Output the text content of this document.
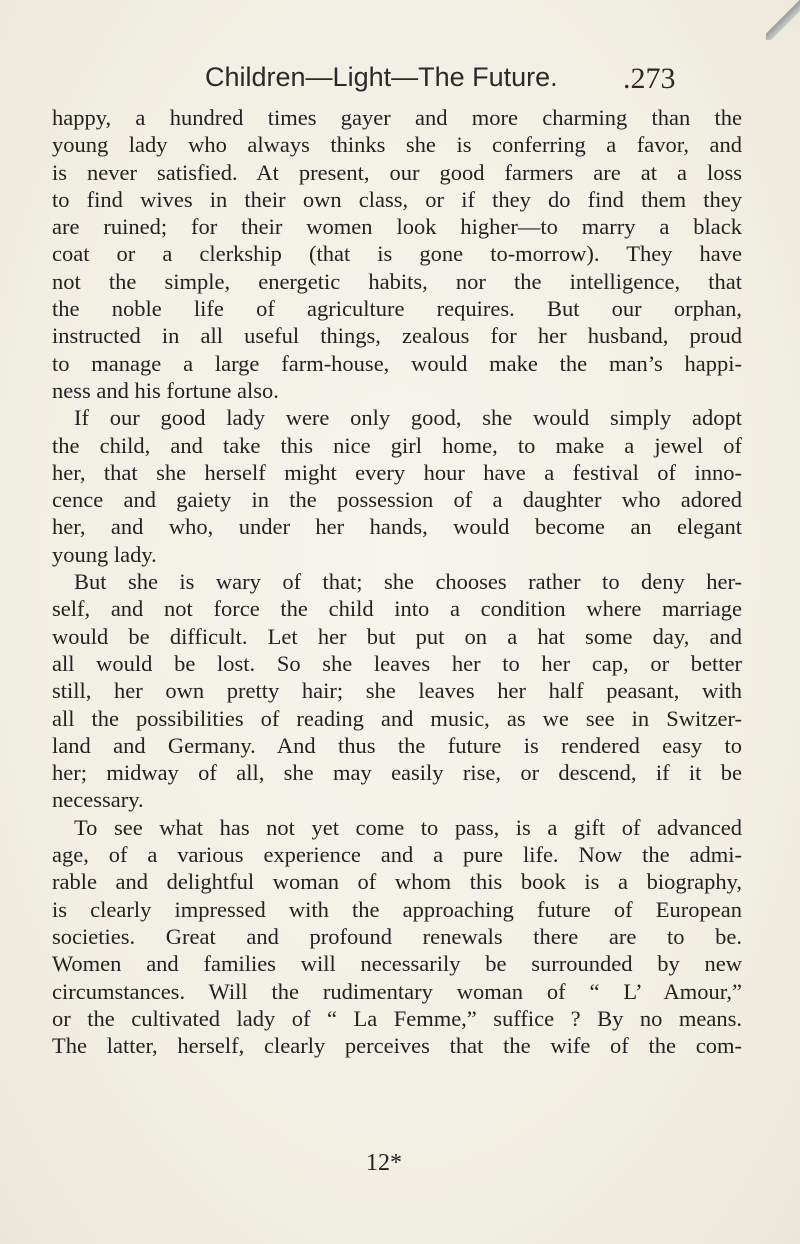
Children—Light—The Future. .273
happy, a hundred times gayer and more charming than the
young lady who always thinks she is conferring a favor, and
is never satisfied. At present, our good farmers are at a loss
to find wives in their own class, or if they do find them they
are ruined; for their women look higher—to marry a black
coat or a clerkship (that is gone to-morrow). They have
not the simple, energetic habits, nor the intelligence, that
the noble life of agriculture requires. But our orphan,
instructed in all useful things, zealous for her husband, proud
to manage a large farm-house, would make the man’s happi-
ness and his fortune also.
If our good lady were only good, she would simply adopt
the child, and take this nice girl home, to make a jewel of
her, that she herself might every hour have a festival of inno-
cence and gaiety in the possession of a daughter who adored
her, and who, under her hands, would become an elegant
young lady.
But she is wary of that; she chooses rather to deny her-
self, and not force the child into a condition where marriage
would be difficult. Let her but put on a hat some day, and
all would be lost. So she leaves her to her cap, or better
still, her own pretty hair; she leaves her half peasant, with
all the possibilities of reading and music, as we see in Switzer-
land and Germany. And thus the future is rendered easy to
her; midway of all, she may easily rise, or descend, if it be
necessary.
To see what has not yet come to pass, is a gift of advanced
age, of a various experience and a pure life. Now the admi-
rable and delightful woman of whom this book is a biography,
is clearly impressed with the approaching future of European
societies. Great and profound renewals there are to be.
Women and families will necessarily be surrounded by new
circumstances. Will the rudimentary woman of “ L’ Amour,”
or the cultivated lady of “ La Femme,” suffice ? By no means.
The latter, herself, clearly perceives that the wife of the com-
12*
